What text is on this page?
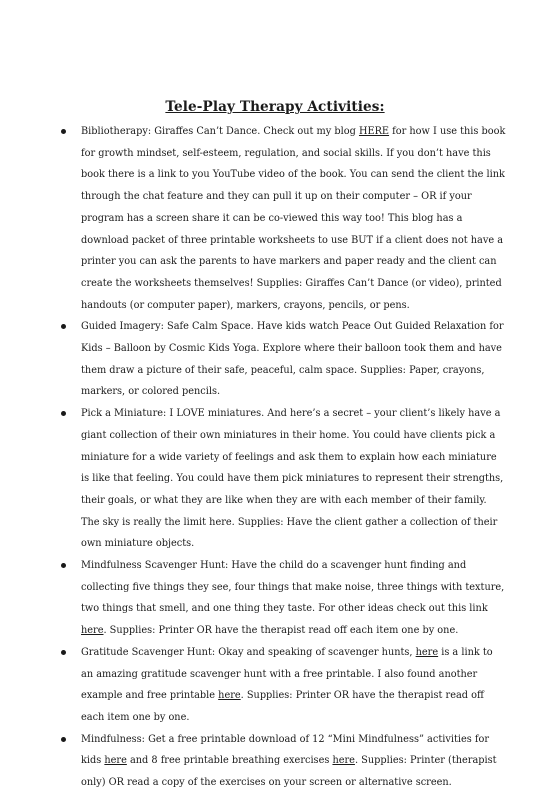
Tele-Play Therapy Activities:
Bibliotherapy: Giraffes Can’t Dance. Check out my blog HERE for how I use this book for growth mindset, self-esteem, regulation, and social skills. If you don’t have this book there is a link to you YouTube video of the book. You can send the client the link through the chat feature and they can pull it up on their computer – OR if your program has a screen share it can be co-viewed this way too! This blog has a download packet of three printable worksheets to use BUT if a client does not have a printer you can ask the parents to have markers and paper ready and the client can create the worksheets themselves! Supplies: Giraffes Can’t Dance (or video), printed handouts (or computer paper), markers, crayons, pencils, or pens.
Guided Imagery: Safe Calm Space. Have kids watch Peace Out Guided Relaxation for Kids – Balloon by Cosmic Kids Yoga. Explore where their balloon took them and have them draw a picture of their safe, peaceful, calm space. Supplies: Paper, crayons, markers, or colored pencils.
Pick a Miniature: I LOVE miniatures. And here’s a secret – your client’s likely have a giant collection of their own miniatures in their home. You could have clients pick a miniature for a wide variety of feelings and ask them to explain how each miniature is like that feeling. You could have them pick miniatures to represent their strengths, their goals, or what they are like when they are with each member of their family. The sky is really the limit here. Supplies: Have the client gather a collection of their own miniature objects.
Mindfulness Scavenger Hunt: Have the child do a scavenger hunt finding and collecting five things they see, four things that make noise, three things with texture, two things that smell, and one thing they taste. For other ideas check out this link here. Supplies: Printer OR have the therapist read off each item one by one.
Gratitude Scavenger Hunt: Okay and speaking of scavenger hunts, here is a link to an amazing gratitude scavenger hunt with a free printable. I also found another example and free printable here. Supplies: Printer OR have the therapist read off each item one by one.
Mindfulness: Get a free printable download of 12 “Mini Mindfulness” activities for kids here and 8 free printable breathing exercises here. Supplies: Printer (therapist only) OR read a copy of the exercises on your screen or alternative screen.
